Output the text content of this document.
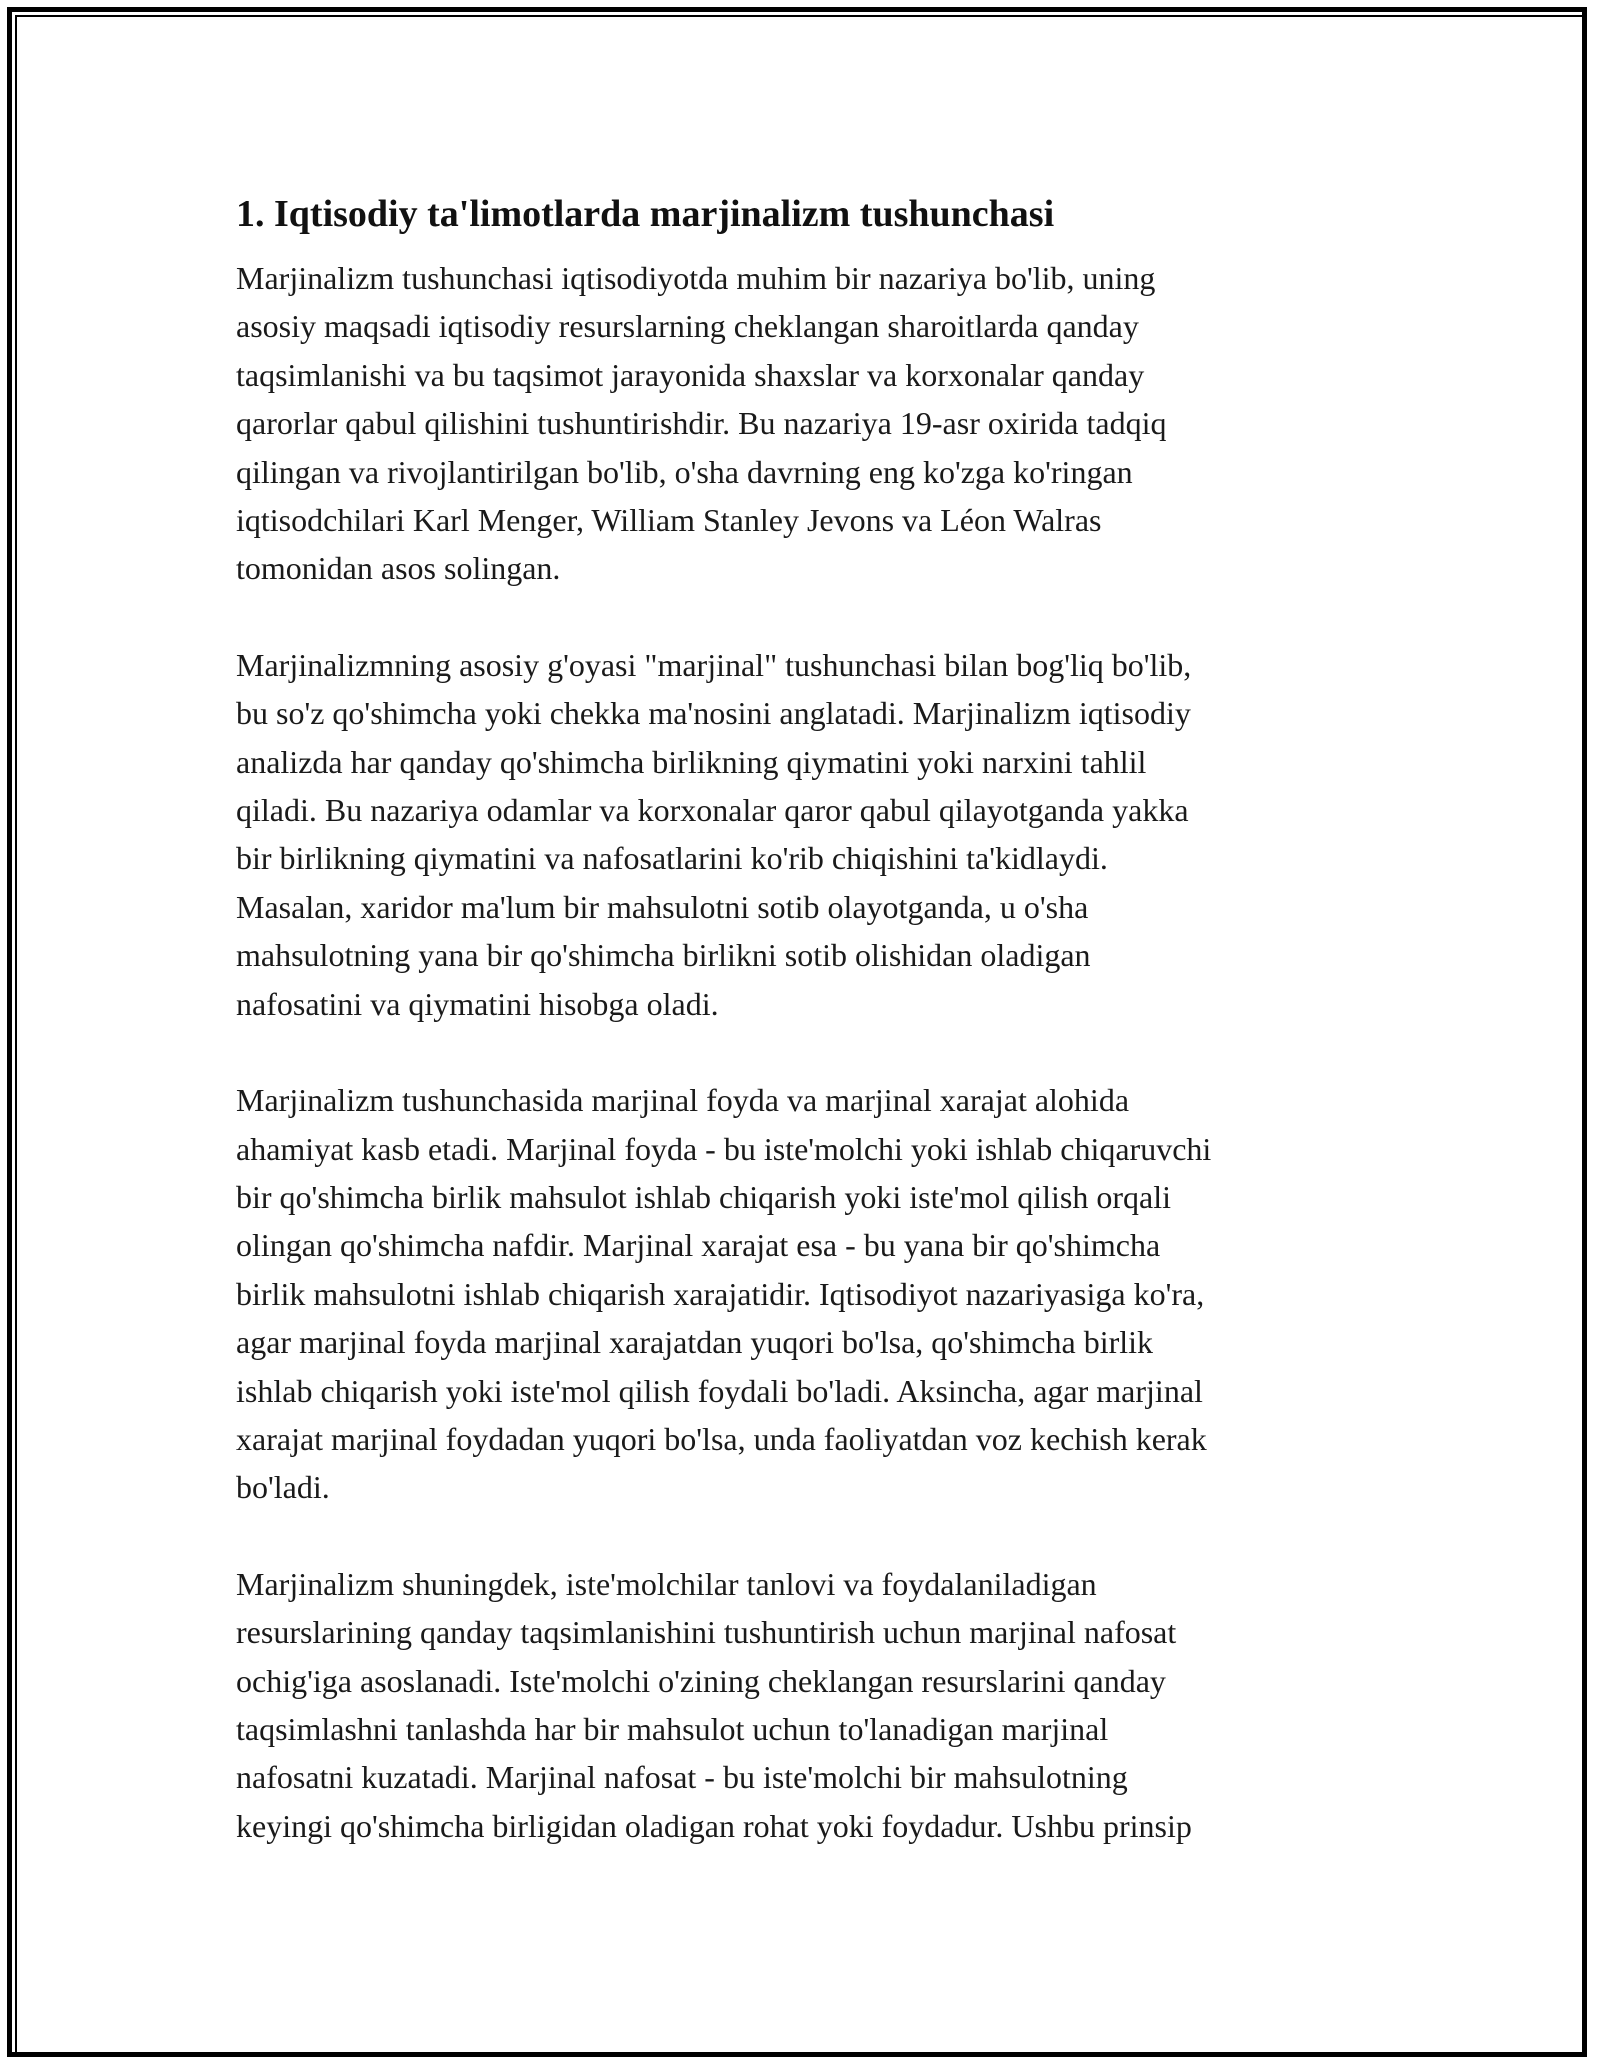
1. Iqtisodiy ta'limotlarda marjinalizm tushunchasi

Marjinalizm tushunchasi iqtisodiyotda muhim bir nazariya bo'lib, uning
asosiy maqsadi iqtisodiy resurslarning cheklangan sharoitlarda qanday
taqsimlanishi va bu taqsimot jarayonida shaxslar va korxonalar qanday
qarorlar qabul qilishini tushuntirishdir. Bu nazariya 19-asr oxirida tadqiq
qilingan va rivojlantirilgan bo'lib, o'sha davrning eng ko'zga ko'ringan
iqtisodchilari Karl Menger, William Stanley Jevons va Léon Walras
tomonidan asos solingan.

Marjinalizmning asosiy g'oyasi "marjinal" tushunchasi bilan bog'liq bo'lib,
bu so'z qo'shimcha yoki chekka ma'nosini anglatadi. Marjinalizm iqtisodiy
analizda har qanday qo'shimcha birlikning qiymatini yoki narxini tahlil
qiladi. Bu nazariya odamlar va korxonalar qaror qabul qilayotganda yakka
bir birlikning qiymatini va nafosatlarini ko'rib chiqishini ta'kidlaydi.
Masalan, xaridor ma'lum bir mahsulotni sotib olayotganda, u o'sha
mahsulotning yana bir qo'shimcha birlikni sotib olishidan oladigan
nafosatini va qiymatini hisobga oladi.

Marjinalizm tushunchasida marjinal foyda va marjinal xarajat alohida
ahamiyat kasb etadi. Marjinal foyda - bu iste'molchi yoki ishlab chiqaruvchi
bir qo'shimcha birlik mahsulot ishlab chiqarish yoki iste'mol qilish orqali
olingan qo'shimcha nafdir. Marjinal xarajat esa - bu yana bir qo'shimcha
birlik mahsulotni ishlab chiqarish xarajatidir. Iqtisodiyot nazariyasiga ko'ra,
agar marjinal foyda marjinal xarajatdan yuqori bo'lsa, qo'shimcha birlik
ishlab chiqarish yoki iste'mol qilish foydali bo'ladi. Aksincha, agar marjinal
xarajat marjinal foydadan yuqori bo'lsa, unda faoliyatdan voz kechish kerak
bo'ladi.

Marjinalizm shuningdek, iste'molchilar tanlovi va foydalaniladigan
resurslarining qanday taqsimlanishini tushuntirish uchun marjinal nafosat
ochig'iga asoslanadi. Iste'molchi o'zining cheklangan resurslarini qanday
taqsimlashni tanlashda har bir mahsulot uchun to'lanadigan marjinal
nafosatni kuzatadi. Marjinal nafosat - bu iste'molchi bir mahsulotning
keyingi qo'shimcha birligidan oladigan rohat yoki foydadur. Ushbu prinsip
